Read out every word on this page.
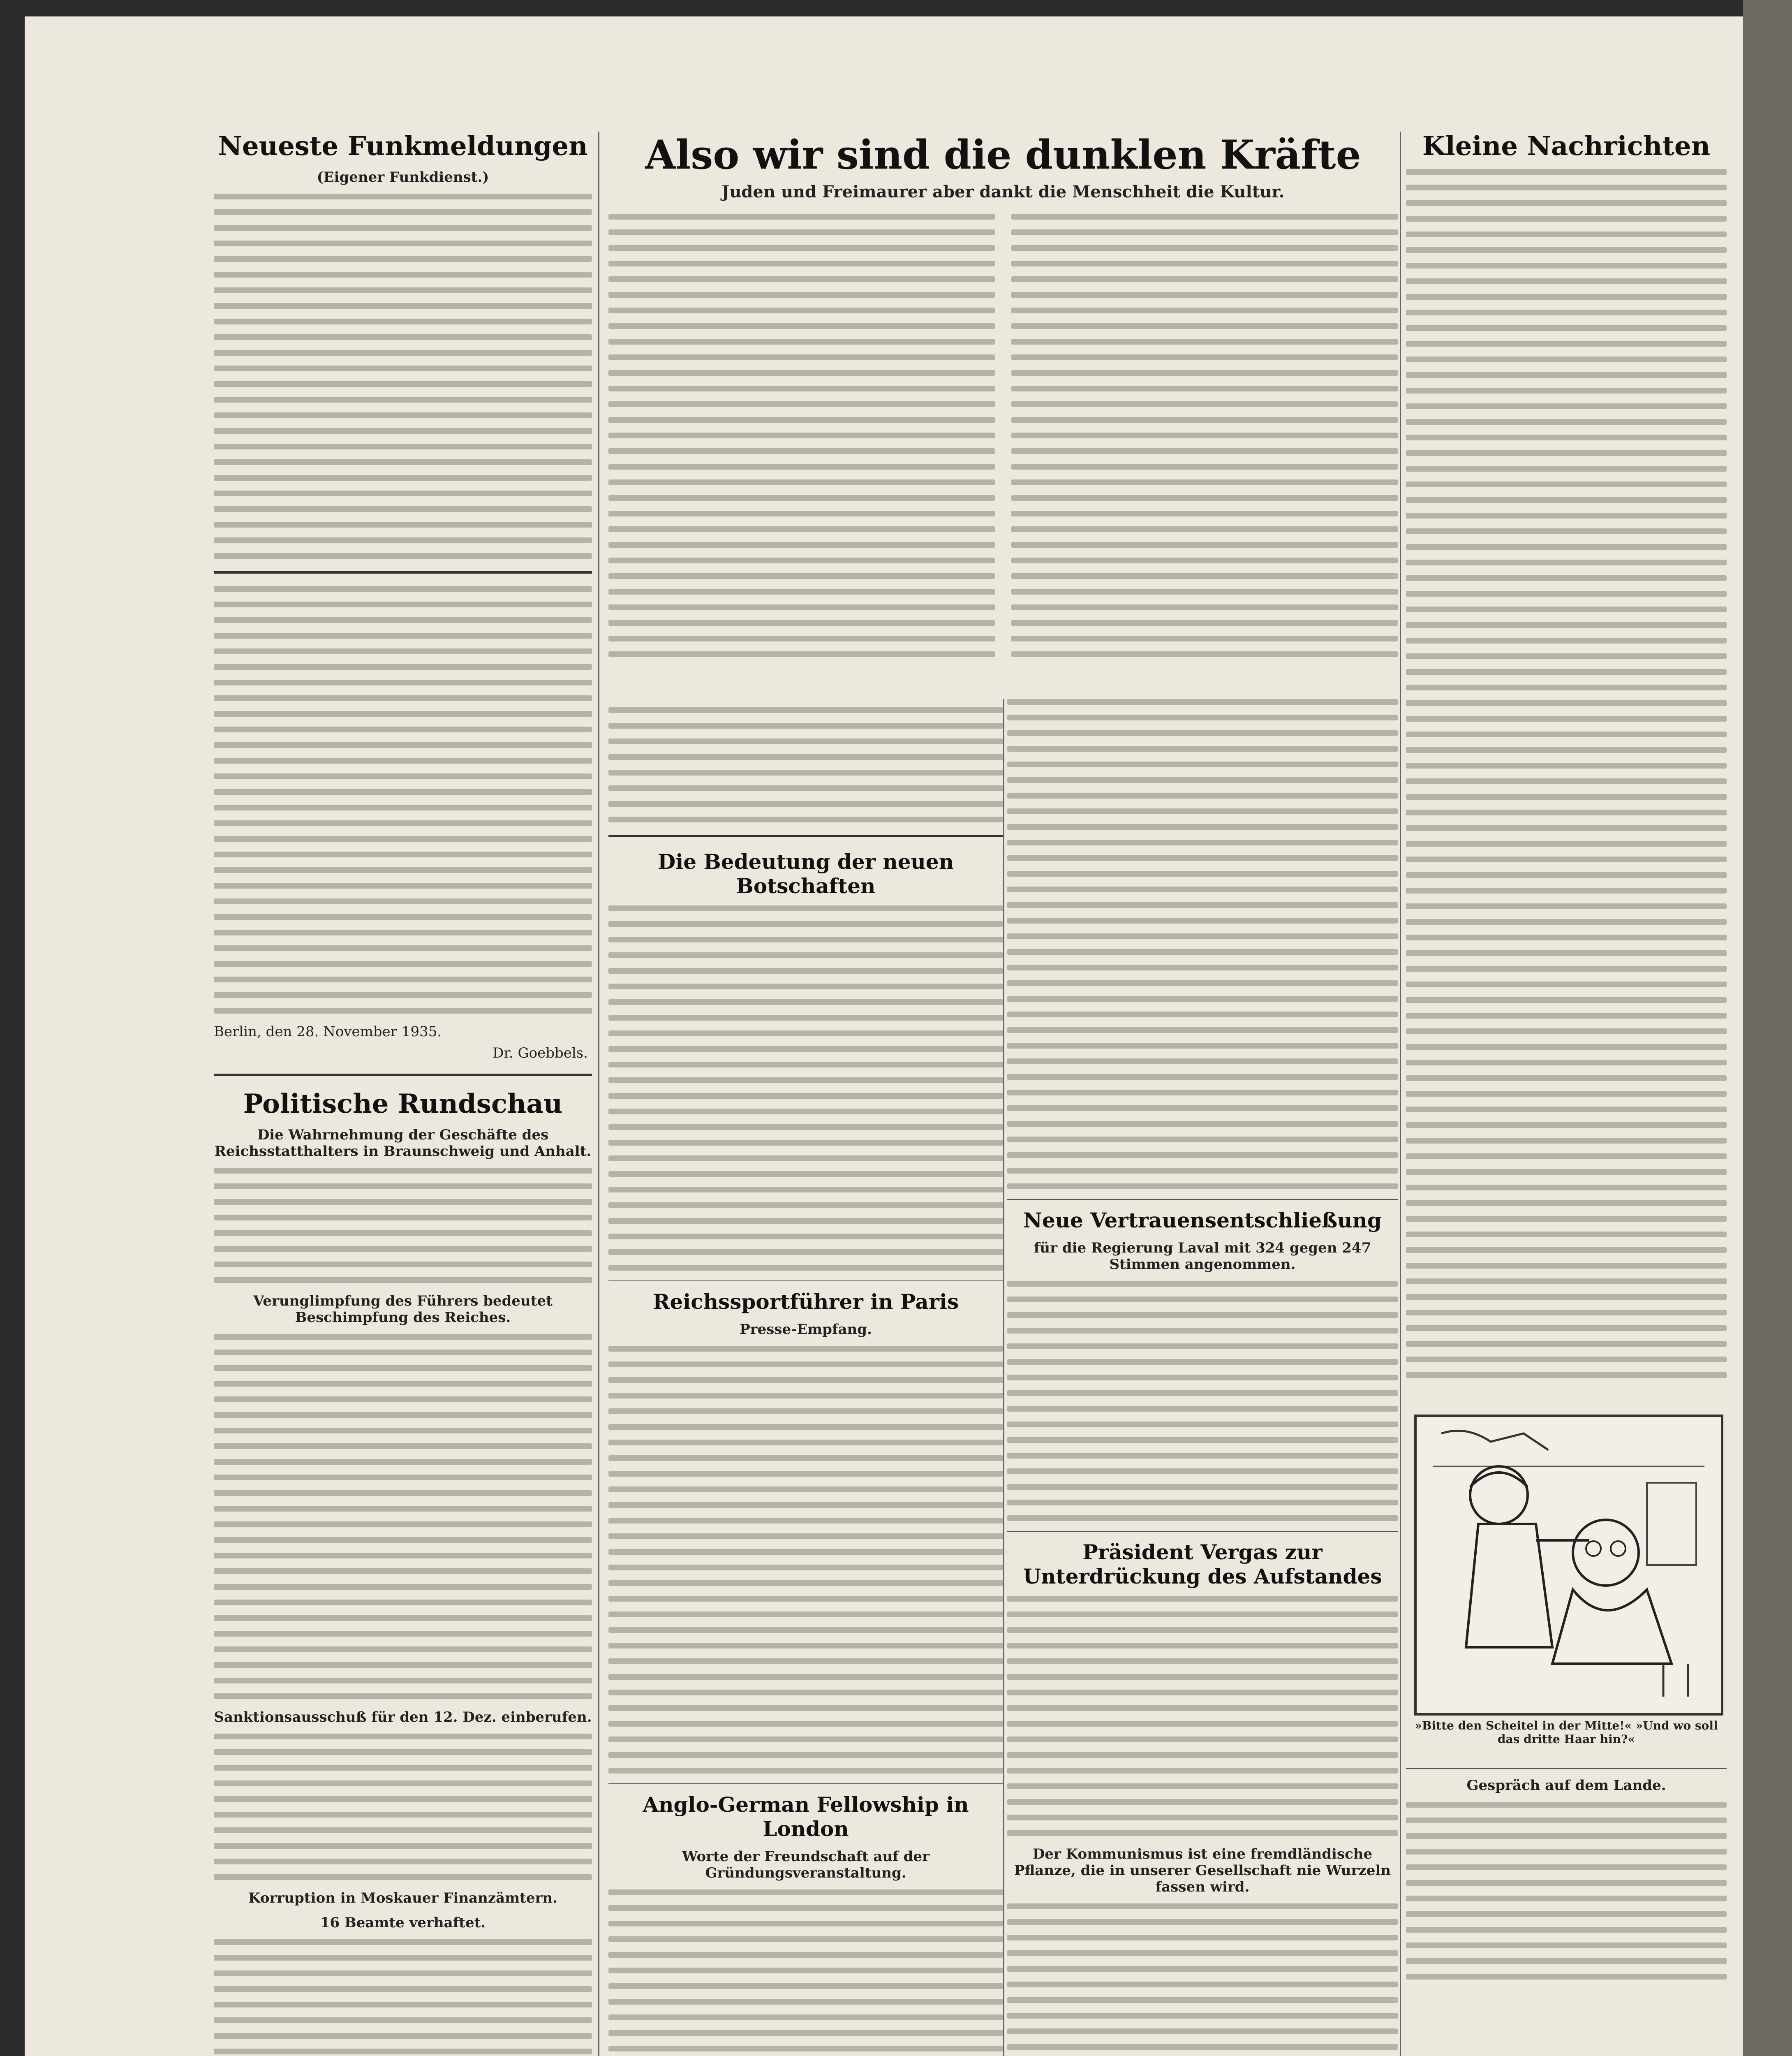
Neueste Funkmeldungen
(Eigener Funkdienst.)
Berlin, den 28. November 1935.
Dr. Goebbels.
Politische Rundschau
Die Wahrnehmung der Geschäfte des Reichsstatthalters in Braunschweig und Anhalt.
Verunglimpfung des Führers bedeutet Beschimpfung des Reiches.
Sanktionsausschuß für den 12. Dez. einberufen.
Korruption in Moskauer Finanzämtern.
16 Beamte verhaftet.
Also wir sind die dunklen Kräfte
Juden und Freimaurer aber dankt die Menschheit die Kultur.
Die Bedeutung der neuen Botschaften
Reichssportführer in Paris
Presse-Empfang.
Anglo-German Fellowship in London
Worte der Freundschaft auf der Gründungsveranstaltung.
Neue Vertrauensentschließung
für die Regierung Laval mit 324 gegen 247 Stimmen angenommen.
Präsident Vergas zur Unterdrückung des Aufstandes
Der Kommunismus ist eine fremdländische Pflanze, die in unserer Gesellschaft nie Wurzeln fassen wird.
Kleine Nachrichten
»Bitte den Scheitel in der Mitte!« »Und wo soll das dritte Haar hin?«
Gespräch auf dem Lande.
